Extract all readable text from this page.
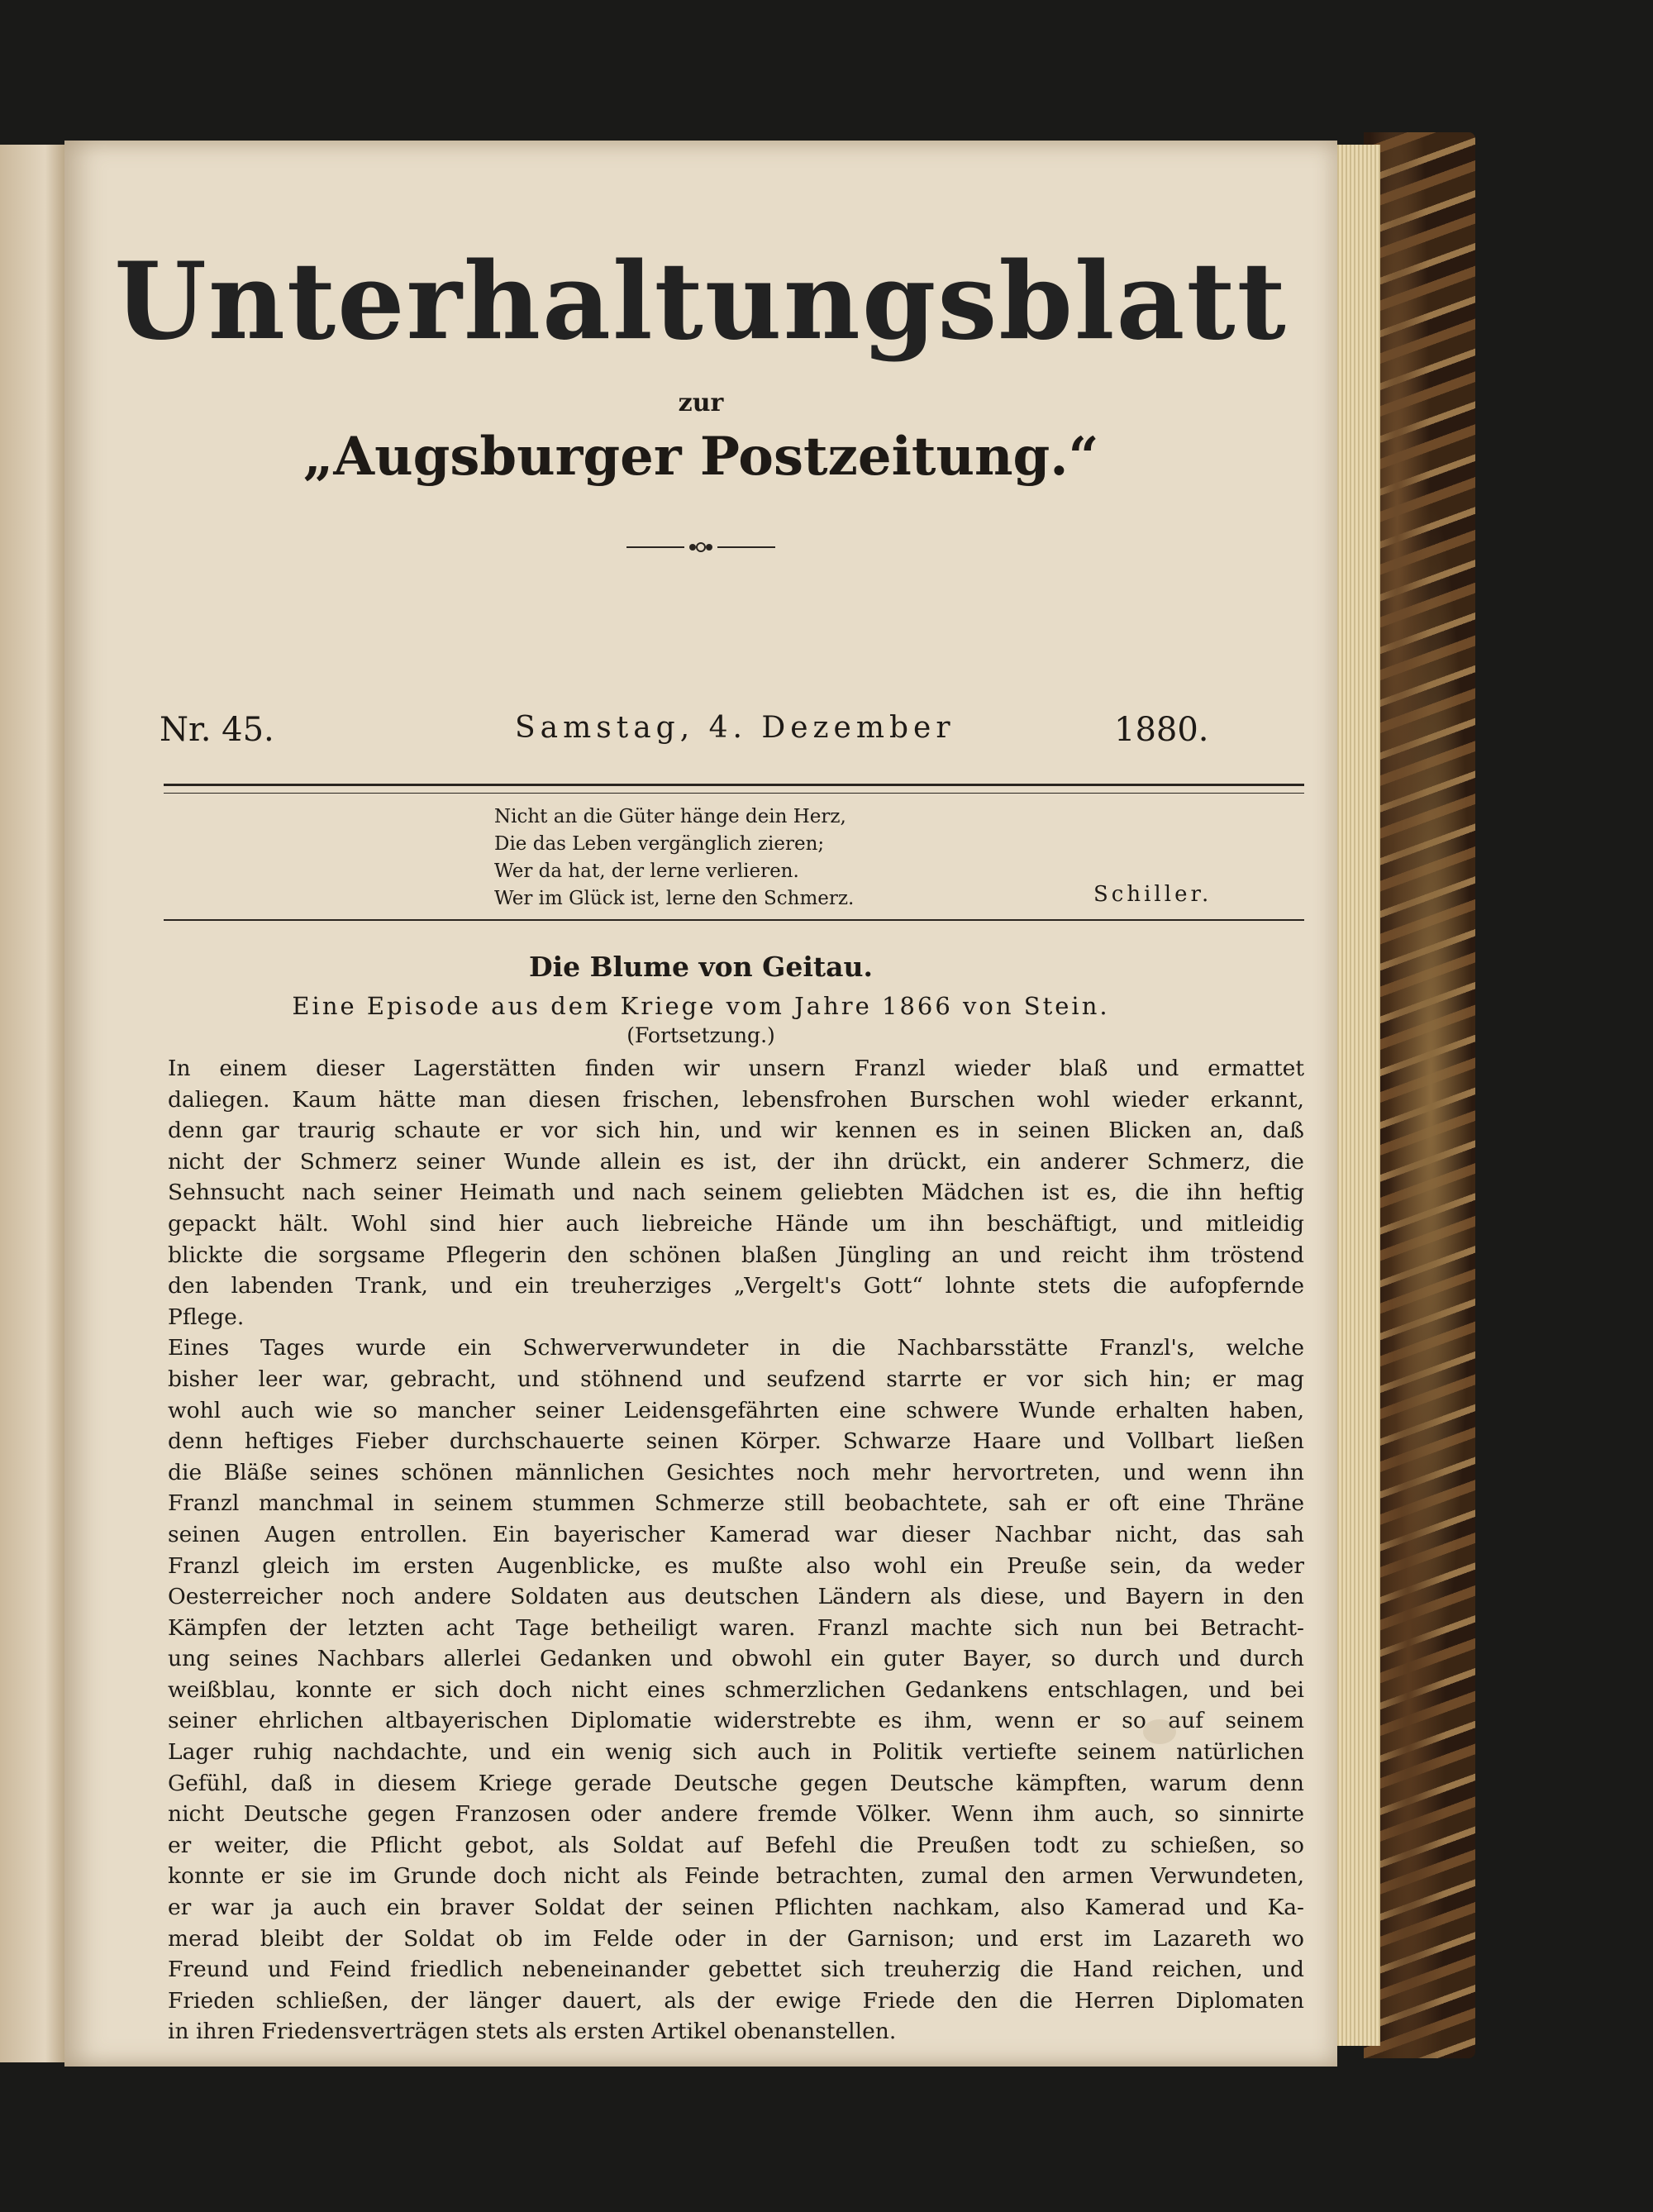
Unterhaltungsblatt
zur
„Augsburger Postzeitung.“
Nr. 45.	Samstag, 4. Dezember	1880.
Nicht an die Güter hänge dein Herz,
Die das Leben vergänglich zieren;
Wer da hat, der lerne verlieren.
Wer im Glück ist, lerne den Schmerz.	Schiller.
Die Blume von Geitau.
Eine Episode aus dem Kriege vom Jahre 1866 von Stein.
(Fortsetzung.)
In einem dieser Lagerstätten finden wir unsern Franzl wieder blaß und ermattet
daliegen. Kaum hätte man diesen frischen, lebensfrohen Burschen wohl wieder erkannt,
denn gar traurig schaute er vor sich hin, und wir kennen es in seinen Blicken an, daß
nicht der Schmerz seiner Wunde allein es ist, der ihn drückt, ein anderer Schmerz, die
Sehnsucht nach seiner Heimath und nach seinem geliebten Mädchen ist es, die ihn heftig
gepackt hält. Wohl sind hier auch liebreiche Hände um ihn beschäftigt, und mitleidig
blickte die sorgsame Pflegerin den schönen blaßen Jüngling an und reicht ihm tröstend
den labenden Trank, und ein treuherziges „Vergelt's Gott“ lohnte stets die aufopfernde
Pflege.
Eines Tages wurde ein Schwerverwundeter in die Nachbarsstätte Franzl's, welche
bisher leer war, gebracht, und stöhnend und seufzend starrte er vor sich hin; er mag
wohl auch wie so mancher seiner Leidensgefährten eine schwere Wunde erhalten haben,
denn heftiges Fieber durchschauerte seinen Körper. Schwarze Haare und Vollbart ließen
die Bläße seines schönen männlichen Gesichtes noch mehr hervortreten, und wenn ihn
Franzl manchmal in seinem stummen Schmerze still beobachtete, sah er oft eine Thräne
seinen Augen entrollen. Ein bayerischer Kamerad war dieser Nachbar nicht, das sah
Franzl gleich im ersten Augenblicke, es mußte also wohl ein Preuße sein, da weder
Oesterreicher noch andere Soldaten aus deutschen Ländern als diese, und Bayern in den
Kämpfen der letzten acht Tage betheiligt waren. Franzl machte sich nun bei Betracht-
ung seines Nachbars allerlei Gedanken und obwohl ein guter Bayer, so durch und durch
weißblau, konnte er sich doch nicht eines schmerzlichen Gedankens entschlagen, und bei
seiner ehrlichen altbayerischen Diplomatie widerstrebte es ihm, wenn er so auf seinem
Lager ruhig nachdachte, und ein wenig sich auch in Politik vertiefte seinem natürlichen
Gefühl, daß in diesem Kriege gerade Deutsche gegen Deutsche kämpften, warum denn
nicht Deutsche gegen Franzosen oder andere fremde Völker. Wenn ihm auch, so sinnirte
er weiter, die Pflicht gebot, als Soldat auf Befehl die Preußen todt zu schießen, so
konnte er sie im Grunde doch nicht als Feinde betrachten, zumal den armen Verwundeten,
er war ja auch ein braver Soldat der seinen Pflichten nachkam, also Kamerad und Ka-
merad bleibt der Soldat ob im Felde oder in der Garnison; und erst im Lazareth wo
Freund und Feind friedlich nebeneinander gebettet sich treuherzig die Hand reichen, und
Frieden schließen, der länger dauert, als der ewige Friede den die Herren Diplomaten
in ihren Friedensverträgen stets als ersten Artikel obenanstellen.
